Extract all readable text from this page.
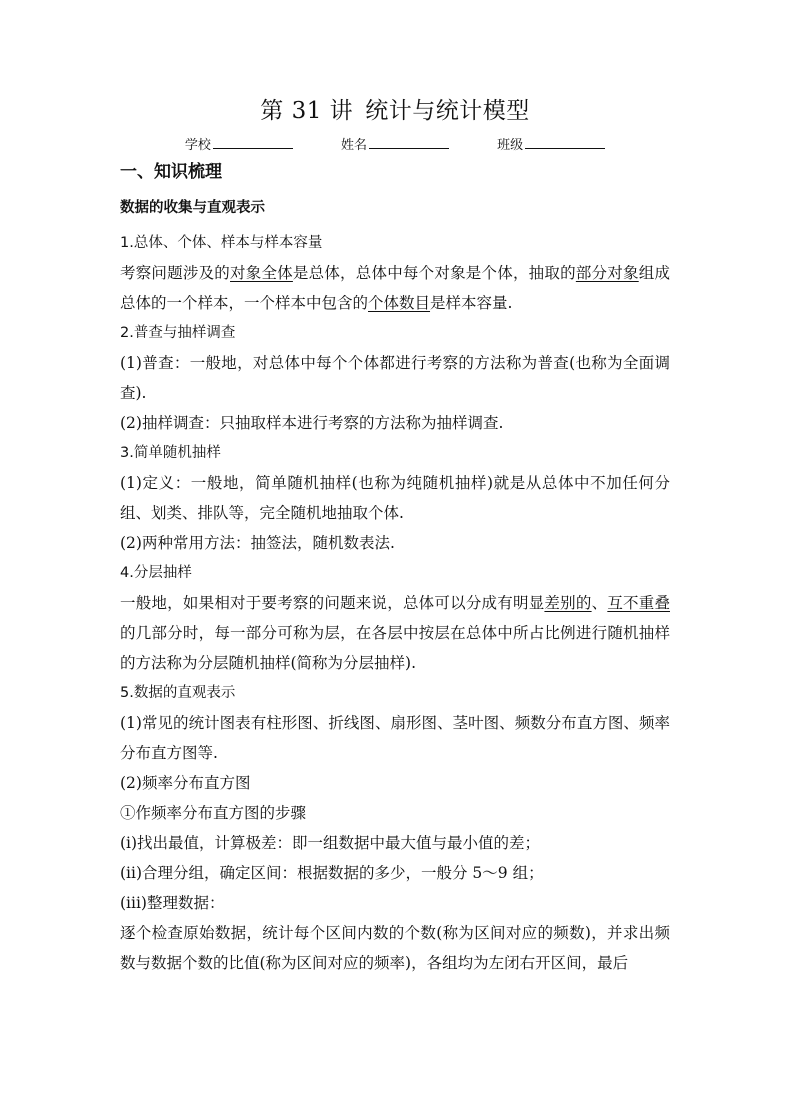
第 31 讲 统计与统计模型
学校	姓名	班级

一、知识梳理

数据的收集与直观表示

1.总体、个体、样本与样本容量

考察问题涉及的对象全体是总体，总体中每个对象是个体，抽取的部分对象组成总体的一个样本，一个样本中包含的个体数目是样本容量.

2.普查与抽样调查

(1)普查：一般地，对总体中每个个体都进行考察的方法称为普查(也称为全面调查).

(2)抽样调查：只抽取样本进行考察的方法称为抽样调查.

3.简单随机抽样

(1)定义：一般地，简单随机抽样(也称为纯随机抽样)就是从总体中不加任何分组、划类、排队等，完全随机地抽取个体.

(2)两种常用方法：抽签法，随机数表法.

4.分层抽样

一般地，如果相对于要考察的问题来说，总体可以分成有明显差别的、互不重叠的几部分时，每一部分可称为层，在各层中按层在总体中所占比例进行随机抽样的方法称为分层随机抽样(简称为分层抽样).

5.数据的直观表示

(1)常见的统计图表有柱形图、折线图、扇形图、茎叶图、频数分布直方图、频率分布直方图等.

(2)频率分布直方图

①作频率分布直方图的步骤

(ⅰ)找出最值，计算极差：即一组数据中最大值与最小值的差；

(ⅱ)合理分组，确定区间：根据数据的多少，一般分 5～9 组；

(iii)整理数据：

逐个检查原始数据，统计每个区间内数的个数(称为区间对应的频数)，并求出频数与数据个数的比值(称为区间对应的频率)，各组均为左闭右开区间，最后
